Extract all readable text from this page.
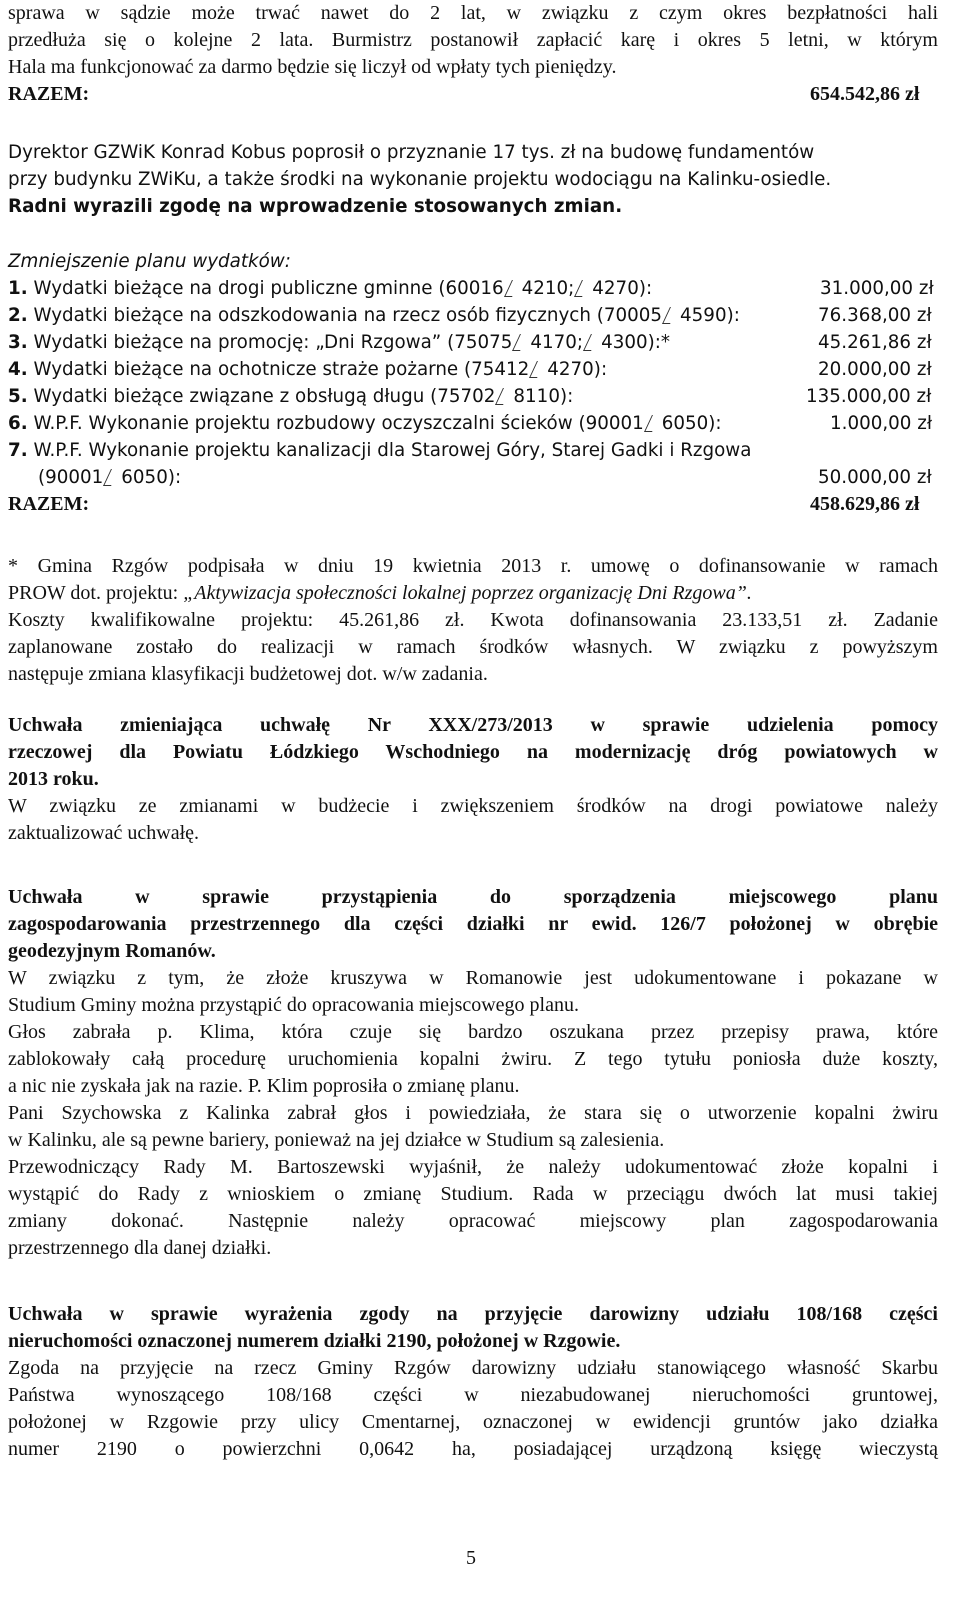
sprawa w sądzie może trwać nawet do 2 lat, w związku z czym okres bezpłatności hali
przedłuża się o kolejne 2 lata. Burmistrz postanowił zapłacić karę i okres 5 letni, w którym
Hala ma funkcjonować za darmo będzie się liczył od wpłaty tych pieniędzy.
RAZEM:	654.542,86 zł
Dyrektor GZWiK Konrad Kobus poprosił o przyznanie 17 tys. zł na budowę fundamentów
przy budynku ZWiKu, a także środki na wykonanie projektu wodociągu na Kalinku-osiedle.
Radni wyrazili zgodę na wprowadzenie stosowanych zmian.
Zmniejszenie planu wydatków:
1. Wydatki bieżące na drogi publiczne gminne (60016 4210; 4270):	31.000,00 zł
2. Wydatki bieżące na odszkodowania na rzecz osób fizycznych (70005 4590):	76.368,00 zł
3. Wydatki bieżące na promocję: „Dni Rzgowa” (75075 4170; 4300):*	45.261,86 zł
4. Wydatki bieżące na ochotnicze straże pożarne (75412 4270):	20.000,00 zł
5. Wydatki bieżące związane z obsługą długu (75702 8110):	135.000,00 zł
6. W.P.F. Wykonanie projektu rozbudowy oczyszczalni ścieków (90001 6050):	1.000,00 zł
7. W.P.F. Wykonanie projektu kanalizacji dla Starowej Góry, Starej Gadki i Rzgowa
(90001 6050):	50.000,00 zł
RAZEM:	458.629,86 zł
* Gmina Rzgów podpisała w dniu 19 kwietnia 2013 r. umowę o dofinansowanie w ramach
PROW dot. projektu: „Aktywizacja społeczności lokalnej poprzez organizację Dni Rzgowa”.
Koszty kwalifikowalne projektu: 45.261,86 zł. Kwota dofinansowania 23.133,51 zł. Zadanie
zaplanowane zostało do realizacji w ramach środków własnych. W związku z powyższym
następuje zmiana klasyfikacji budżetowej dot. w/w zadania.
Uchwała zmieniająca uchwałę Nr XXX/273/2013 w sprawie udzielenia pomocy
rzeczowej dla Powiatu Łódzkiego Wschodniego na modernizację dróg powiatowych w
2013 roku.
W związku ze zmianami w budżecie i zwiększeniem środków na drogi powiatowe należy
zaktualizować uchwałę.
Uchwała w sprawie przystąpienia do sporządzenia miejscowego planu
zagospodarowania przestrzennego dla części działki nr ewid. 126/7 położonej w obrębie
geodezyjnym Romanów.
W związku z tym, że złoże kruszywa w Romanowie jest udokumentowane i pokazane w
Studium Gminy można przystąpić do opracowania miejscowego planu.
Głos zabrała p. Klima, która czuje się bardzo oszukana przez przepisy prawa, które
zablokowały całą procedurę uruchomienia kopalni żwiru. Z tego tytułu poniosła duże koszty,
a nic nie zyskała jak na razie. P. Klim poprosiła o zmianę planu.
Pani Szychowska z Kalinka zabrał głos i powiedziała, że stara się o utworzenie kopalni żwiru
w Kalinku, ale są pewne bariery, ponieważ na jej działce w Studium są zalesienia.
Przewodniczący Rady M. Bartoszewski wyjaśnił, że należy udokumentować złoże kopalni i
wystąpić do Rady z wnioskiem o zmianę Studium. Rada w przeciągu dwóch lat musi takiej
zmiany dokonać. Następnie należy opracować miejscowy plan zagospodarowania
przestrzennego dla danej działki.
Uchwała w sprawie wyrażenia zgody na przyjęcie darowizny udziału 108/168 części
nieruchomości oznaczonej numerem działki 2190, położonej w Rzgowie.
Zgoda na przyjęcie na rzecz Gminy Rzgów darowizny udziału stanowiącego własność Skarbu
Państwa wynoszącego 108/168 części w niezabudowanej nieruchomości gruntowej,
położonej w Rzgowie przy ulicy Cmentarnej, oznaczonej w ewidencji gruntów jako działka
numer 2190 o powierzchni 0,0642 ha, posiadającej urządzoną księgę wieczystą
5
